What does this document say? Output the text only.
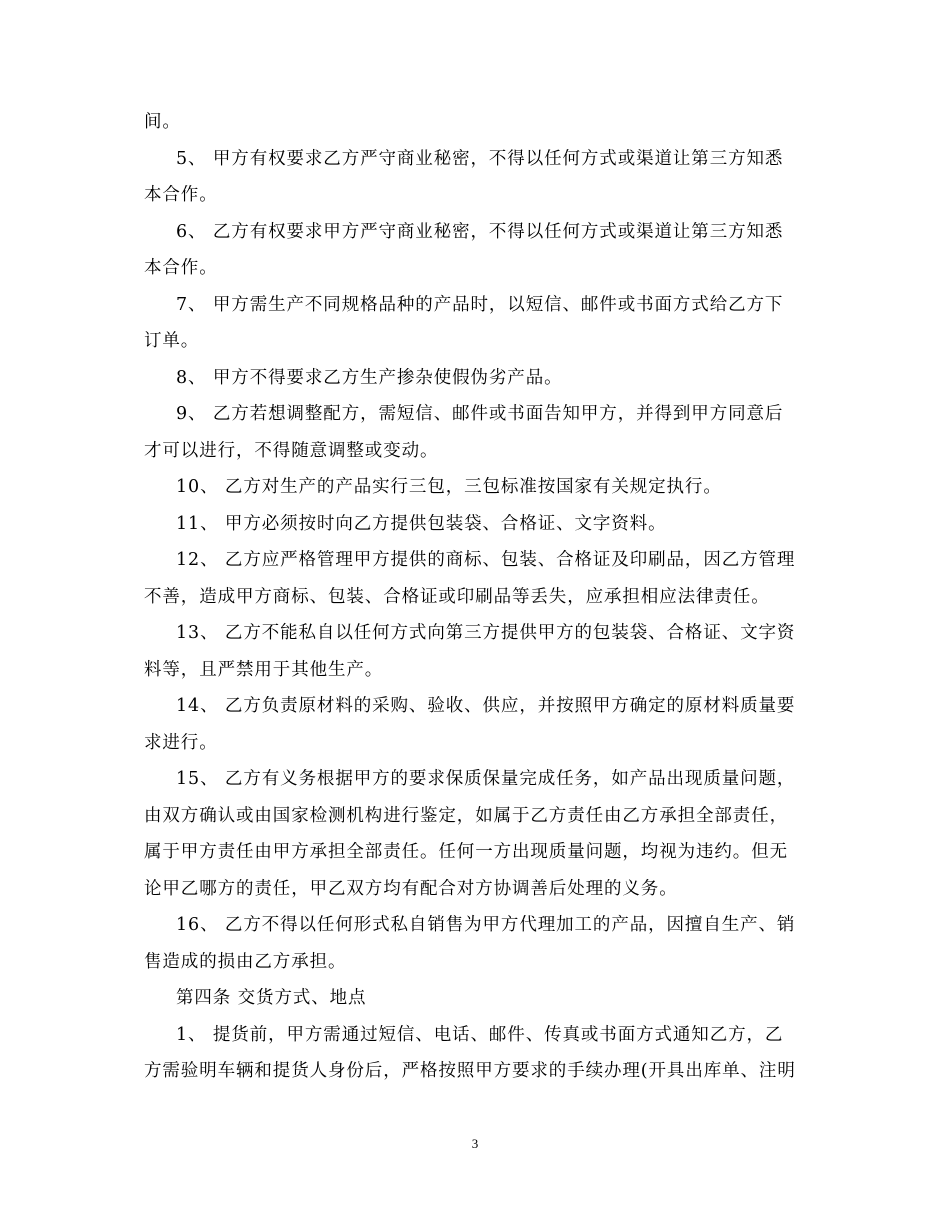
间。
5、 甲方有权要求乙方严守商业秘密，不得以任何方式或渠道让第三方知悉
本合作。
6、 乙方有权要求甲方严守商业秘密，不得以任何方式或渠道让第三方知悉
本合作。
7、 甲方需生产不同规格品种的产品时，以短信、邮件或书面方式给乙方下
订单。
8、 甲方不得要求乙方生产掺杂使假伪劣产品。
9、 乙方若想调整配方，需短信、邮件或书面告知甲方，并得到甲方同意后
才可以进行，不得随意调整或变动。
10、 乙方对生产的产品实行三包，三包标准按国家有关规定执行。
11、 甲方必须按时向乙方提供包装袋、合格证、文字资料。
12、 乙方应严格管理甲方提供的商标、包装、合格证及印刷品，因乙方管理
不善，造成甲方商标、包装、合格证或印刷品等丢失，应承担相应法律责任。
13、 乙方不能私自以任何方式向第三方提供甲方的包装袋、合格证、文字资
料等，且严禁用于其他生产。
14、 乙方负责原材料的采购、验收、供应，并按照甲方确定的原材料质量要
求进行。
15、 乙方有义务根据甲方的要求保质保量完成任务，如产品出现质量问题，
由双方确认或由国家检测机构进行鉴定，如属于乙方责任由乙方承担全部责任，
属于甲方责任由甲方承担全部责任。任何一方出现质量问题，均视为违约。但无
论甲乙哪方的责任，甲乙双方均有配合对方协调善后处理的义务。
16、 乙方不得以任何形式私自销售为甲方代理加工的产品，因擅自生产、销
售造成的损由乙方承担。
第四条 交货方式、地点
1、 提货前，甲方需通过短信、电话、邮件、传真或书面方式通知乙方，乙
方需验明车辆和提货人身份后，严格按照甲方要求的手续办理(开具出库单、注明
3
